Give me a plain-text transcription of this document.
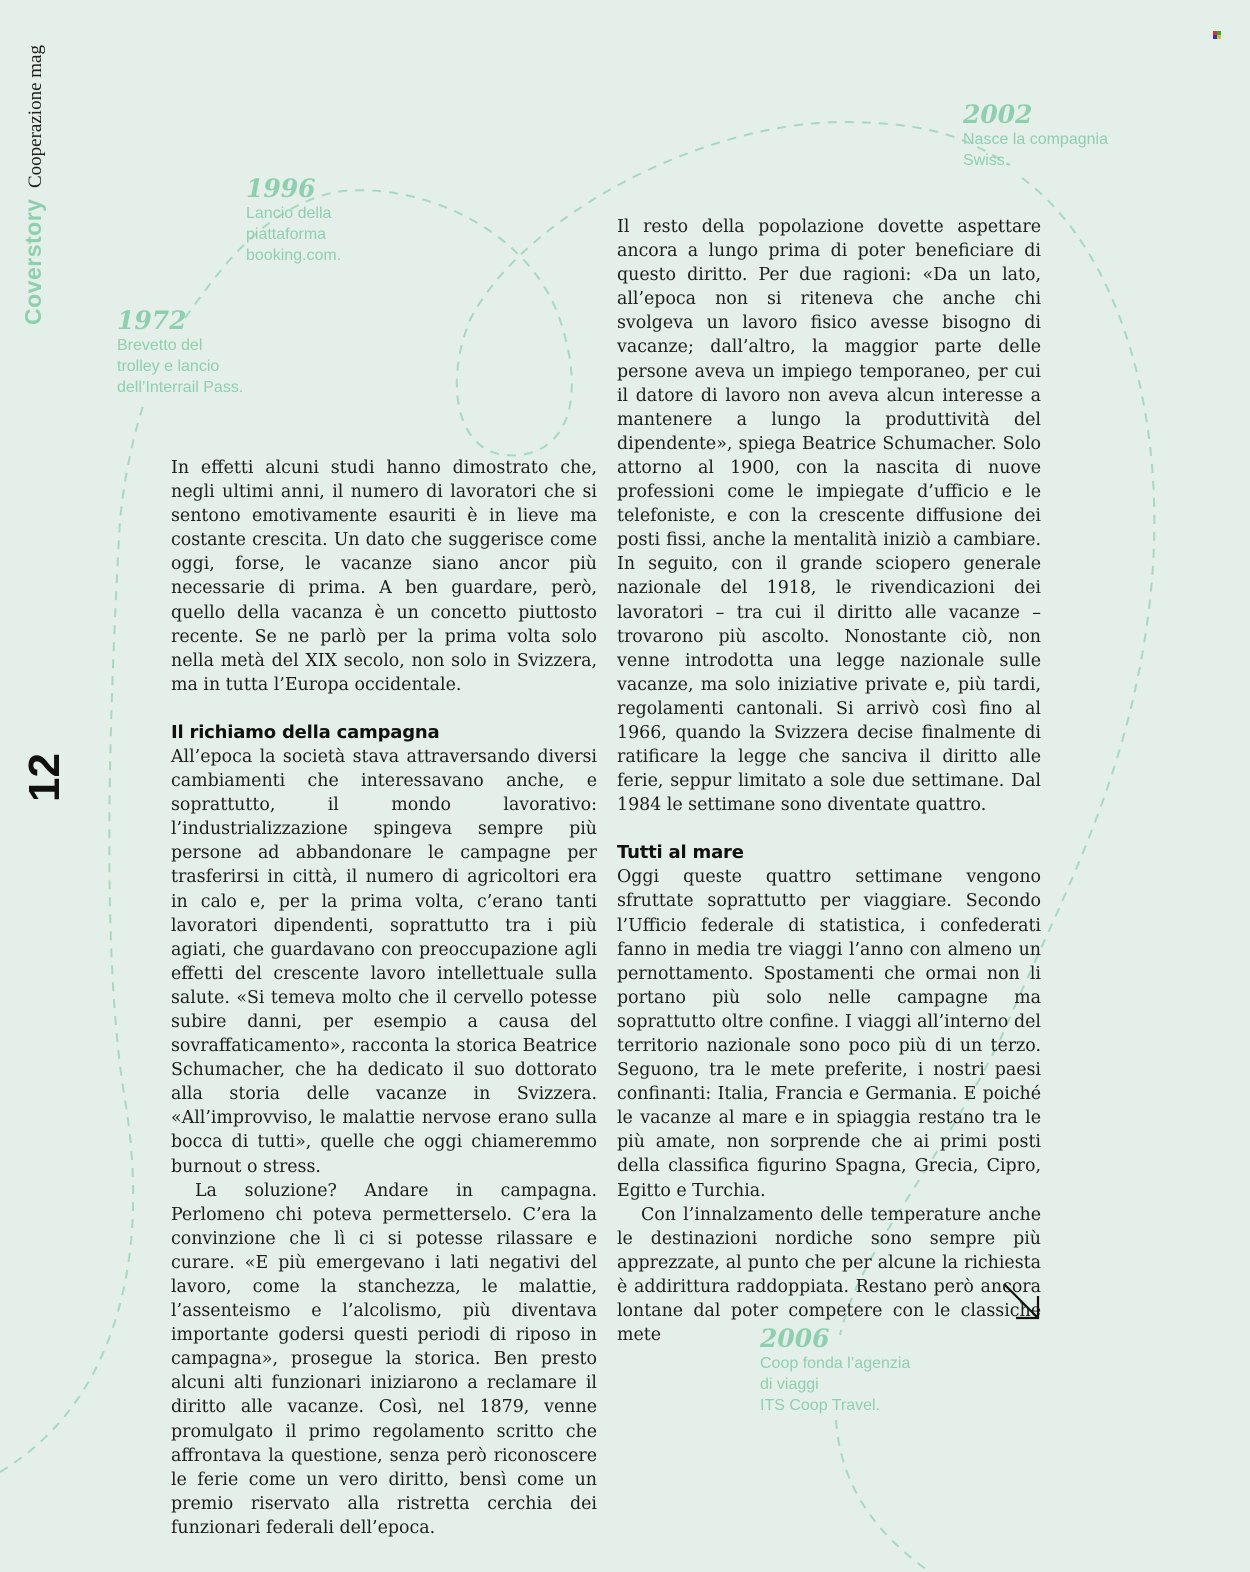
Cooperazione mag
Coverstory
12
1972
Brevetto del
trolley e lancio
dell’Interrail Pass.
1996
Lancio della
piattaforma
booking.com.
2002
Nasce la compagnia
Swiss.
2006
Coop fonda l’agenzia
di viaggi
ITS Coop Travel.

In effetti alcuni studi hanno dimostrato che, negli ultimi anni, il numero di lavoratori che si sentono emotivamente esauriti è in lieve ma costante crescita. Un dato che suggerisce come oggi, forse, le vacanze siano ancor più necessarie di prima. A ben guardare, però, quello della vacanza è un concetto piuttosto recente. Se ne parlò per la prima volta solo nella metà del XIX secolo, non solo in Svizzera, ma in tutta l’Europa occidentale.

Il richiamo della campagna

All’epoca la società stava attraversando diversi cambiamenti che interessavano anche, e soprattutto, il mondo lavorativo: l’industrializzazione spingeva sempre più persone ad abbandonare le campagne per trasferirsi in città, il numero di agricoltori era in calo e, per la prima volta, c’erano tanti lavoratori dipendenti, soprattutto tra i più agiati, che guardavano con preoccupazione agli effetti del crescente lavoro intellettuale sulla salute. «Si temeva molto che il cervello potesse subire danni, per esempio a causa del sovraffaticamento», racconta la storica Beatrice Schumacher, che ha dedicato il suo dottorato alla storia delle vacanze in Svizzera. «All’improvviso, le malattie nervose erano sulla bocca di tutti», quelle che oggi chiameremmo burnout o stress.

La soluzione? Andare in campagna. Perlomeno chi poteva permetterselo. C’era la convinzione che lì ci si potesse rilassare e curare. «E più emergevano i lati negativi del lavoro, come la stanchezza, le malattie, l’assenteismo e l’alcolismo, più diventava importante godersi questi periodi di riposo in campagna», prosegue la storica. Ben presto alcuni alti funzionari iniziarono a reclamare il diritto alle vacanze. Così, nel 1879, venne promulgato il primo regolamento scritto che affrontava la questione, senza però riconoscere le ferie come un vero diritto, bensì come un premio riservato alla ristretta cerchia dei funzionari federali dell’epoca.

Il resto della popolazione dovette aspettare ancora a lungo prima di poter beneficiare di questo diritto. Per due ragioni: «Da un lato, all’epoca non si riteneva che anche chi svolgeva un lavoro fisico avesse bisogno di vacanze; dall’altro, la maggior parte delle persone aveva un impiego temporaneo, per cui il datore di lavoro non aveva alcun interesse a mantenere a lungo la produttività del dipendente», spiega Beatrice Schumacher. Solo attorno al 1900, con la nascita di nuove professioni come le impiegate d’ufficio e le telefoniste, e con la crescente diffusione dei posti fissi, anche la mentalità iniziò a cambiare. In seguito, con il grande sciopero generale nazionale del 1918, le rivendicazioni dei lavoratori – tra cui il diritto alle vacanze – trovarono più ascolto. Nonostante ciò, non venne introdotta una legge nazionale sulle vacanze, ma solo iniziative private e, più tardi, regolamenti cantonali. Si arrivò così fino al 1966, quando la Svizzera decise finalmente di ratificare la legge che sanciva il diritto alle ferie, seppur limitato a sole due settimane. Dal 1984 le settimane sono diventate quattro.

Tutti al mare

Oggi queste quattro settimane vengono sfruttate soprattutto per viaggiare. Secondo l’Ufficio federale di statistica, i confederati fanno in media tre viaggi l’anno con almeno un pernottamento. Spostamenti che ormai non li portano più solo nelle campagne ma soprattutto oltre confine. I viaggi all’interno del territorio nazionale sono poco più di un terzo. Seguono, tra le mete preferite, i nostri paesi confinanti: Italia, Francia e Germania. E poiché le vacanze al mare e in spiaggia restano tra le più amate, non sorprende che ai primi posti della classifica figurino Spagna, Grecia, Cipro, Egitto e Turchia.

Con l’innalzamento delle temperature anche le destinazioni nordiche sono sempre più apprezzate, al punto che per alcune la richiesta è addirittura raddoppiata. Restano però ancora lontane dal poter competere con le classiche mete
